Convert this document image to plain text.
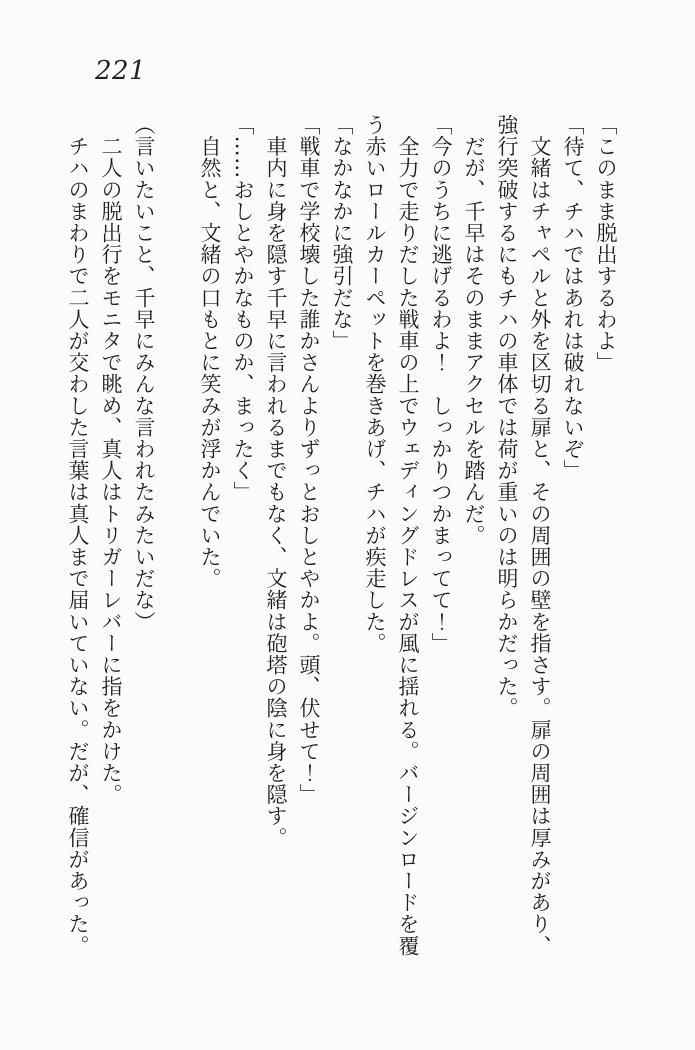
221

「このまま脱出するわよ」

「待て、チハではあれは破れないぞ」

　文緒はチャペルと外を区切る扉と、その周囲の壁を指さす。扉の周囲は厚みがあり、強行突破するにもチハの車体では荷が重いのは明らかだった。

　だが、千早はそのままアクセルを踏んだ。

「今のうちに逃げるわよ！　しっかりつかまってて！」

　全力で走りだした戦車の上でウェディングドレスが風に揺れる。バージンロードを覆う赤いロールカーペットを巻きあげ、チハが疾走した。

「なかなかに強引だな」

「戦車で学校壊した誰かさんよりずっとおしとやかよ。頭、伏せて！」

　車内に身を隠す千早に言われるまでもなく、文緒は砲塔の陰に身を隠す。

「……おしとやかなものか、まったく」

　自然と、文緒の口もとに笑みが浮かんでいた。

（言いたいこと、千早にみんな言われたみたいだな）

　二人の脱出行をモニタで眺め、真人はトリガーレバーに指をかけた。

　チハのまわりで二人が交わした言葉は真人まで届いていない。だが、確信があった。
